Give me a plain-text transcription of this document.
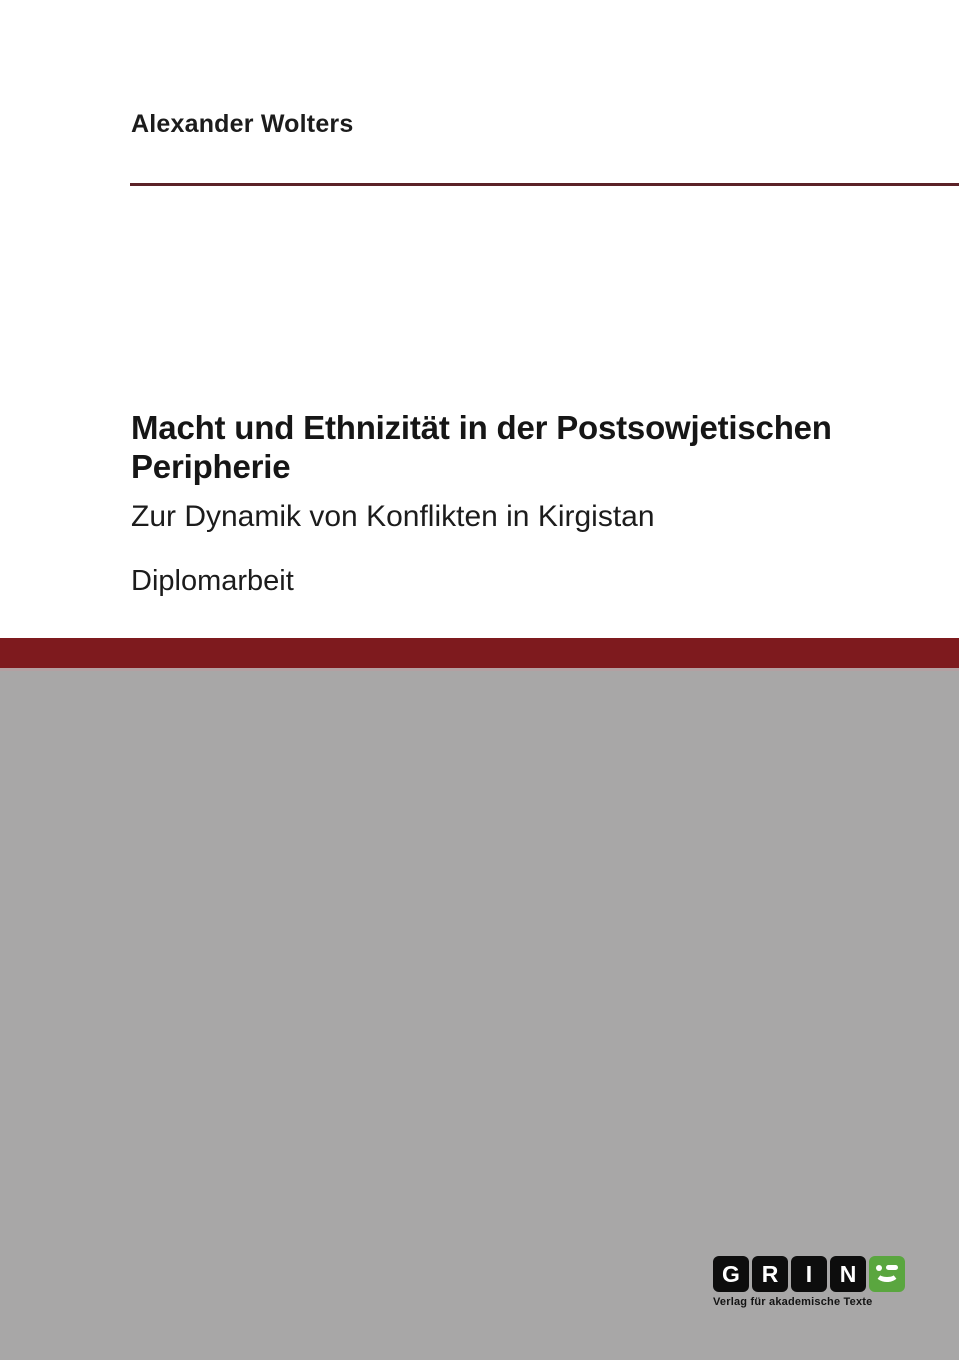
Alexander Wolters
Macht und Ethnizität in der Postsowjetischen Peripherie
Zur Dynamik von Konflikten in Kirgistan
Diplomarbeit
G R	I	N
Verlag für akademische Texte
